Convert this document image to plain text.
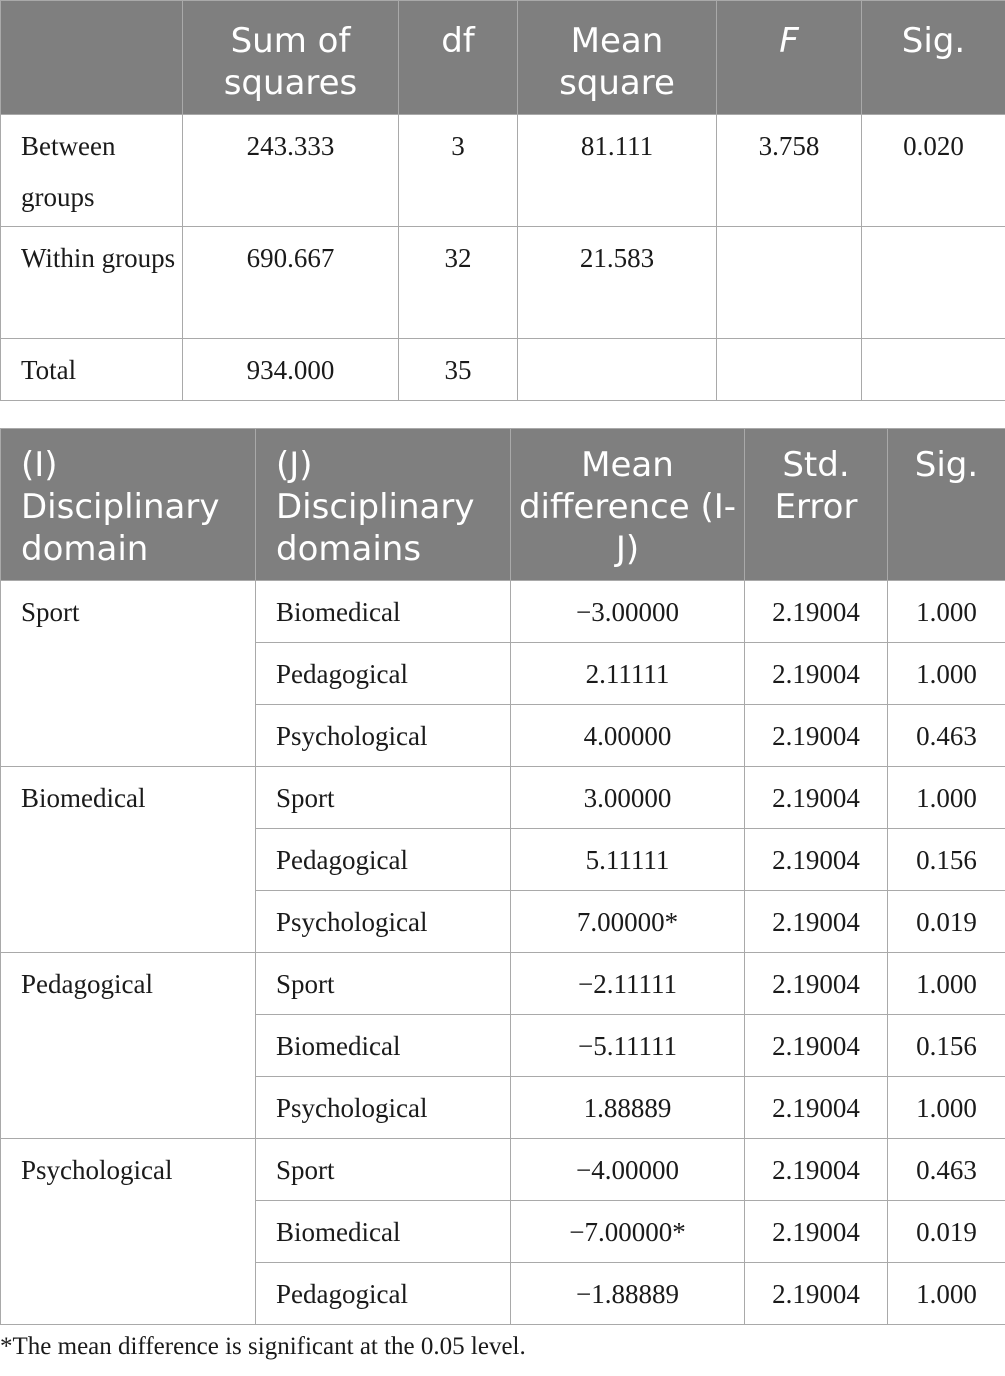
	Sum of squares	df	Mean square	F	Sig.
Between groups	243.333	3	81.111	3.758	0.020
Within groups	690.667	32	21.583		
Total	934.000	35			
(I) Disciplinary domain	(J) Disciplinary domains	Mean difference (I-J)	Std. Error	Sig.
Sport	Biomedical	−3.00000	2.19004	1.000
	Pedagogical	2.11111	2.19004	1.000
	Psychological	4.00000	2.19004	0.463
Biomedical	Sport	3.00000	2.19004	1.000
	Pedagogical	5.11111	2.19004	0.156
	Psychological	7.00000*	2.19004	0.019
Pedagogical	Sport	−2.11111	2.19004	1.000
	Biomedical	−5.11111	2.19004	0.156
	Psychological	1.88889	2.19004	1.000
Psychological	Sport	−4.00000	2.19004	0.463
	Biomedical	−7.00000*	2.19004	0.019
	Pedagogical	−1.88889	2.19004	1.000
*The mean difference is significant at the 0.05 level.
